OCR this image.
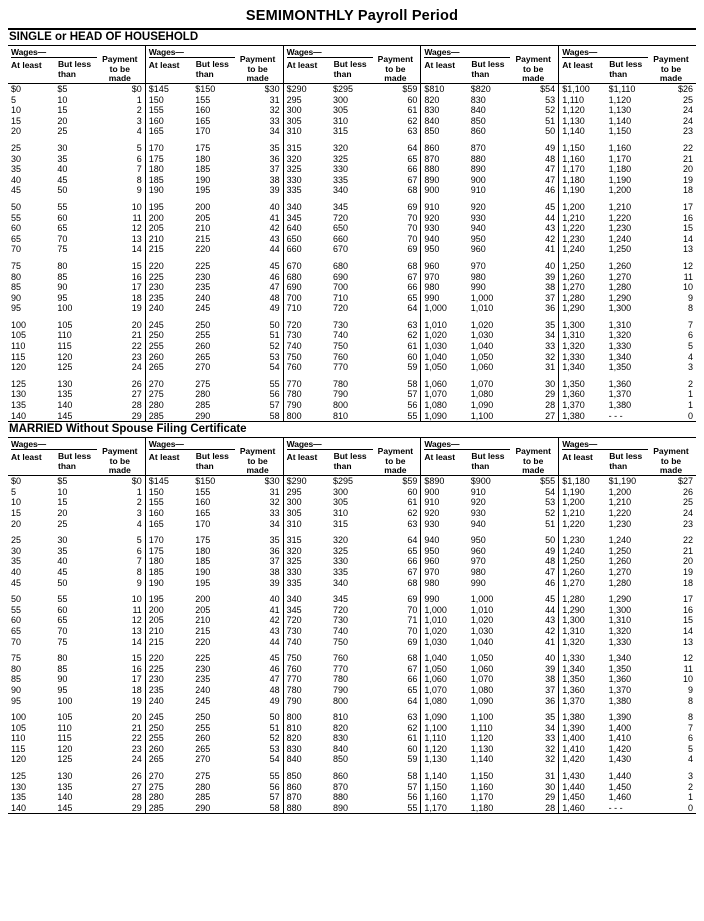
SEMIMONTHLY Payroll Period
SINGLE or HEAD OF HOUSEHOLD
Wages—
At least But less
than
Payment
to be
made
$0	$5	$0
5	10	1
10	15	2
15	20	3
20	25	4

25	30	5
30	35	6
35	40	7
40	45	8
45	50	9

50	55	10
55	60	11
60	65	12
65	70	13
70	75	14

75	80	15
80	85	16
85	90	17
90	95	18
95	100	19

100	105	20
105	110	21
110	115	22
115	120	23
120	125	24

125	130	26
130	135	27
135	140	28
140	145	29
Wages—
At least But less
than
Payment
to be
made
$145	$150	$30
150	155	31
155	160	32
160	165	33
165	170	34

170	175	35
175	180	36
180	185	37
185	190	38
190	195	39

195	200	40
200	205	41
205	210	42
210	215	43
215	220	44

220	225	45
225	230	46
230	235	47
235	240	48
240	245	49

245	250	50
250	255	51
255	260	52
260	265	53
265	270	54

270	275	55
275	280	56
280	285	57
285	290	58
Wages—
At least But less
than
Payment
to be
made
$290	$295	$59
295	300	60
300	305	61
305	310	62
310	315	63

315	320	64
320	325	65
325	330	66
330	335	67
335	340	68

340	345	69
345	720	70
640	650	70
650	660	70
660	670	69

670	680	68
680	690	67
690	700	66
700	710	65
710	720	64

720	730	63
730	740	62
740	750	61
750	760	60
760	770	59

770	780	58
780	790	57
790	800	56
800	810	55
Wages—
At least But less
than
Payment
to be
made
$810	$820	$54
820	830	53
830	840	52
840	850	51
850	860	50

860	870	49
870	880	48
880	890	47
890	900	47
900	910	46

910	920	45
920	930	44
930	940	43
940	950	42
950	960	41

960	970	40
970	980	39
980	990	38
990	1,000	37
1,000	1,010	36

1,010	1,020	35
1,020	1,030	34
1,030	1,040	33
1,040	1,050	32
1,050	1,060	31

1,060	1,070	30
1,070	1,080	29
1,080	1,090	28
1,090	1,100	27
Wages—
At least But less
than
Payment
to be
made
$1,100	$1,110	$26
1,110	1,120	25
1,120	1,130	24
1,130	1,140	24
1,140	1,150	23

1,150	1,160	22
1,160	1,170	21
1,170	1,180	20
1,180	1,190	19
1,190	1,200	18

1,200	1,210	17
1,210	1,220	16
1,220	1,230	15
1,230	1,240	14
1,240	1,250	13

1,250	1,260	12
1,260	1,270	11
1,270	1,280	10
1,280	1,290	9
1,290	1,300	8

1,300	1,310	7
1,310	1,320	6
1,320	1,330	5
1,330	1,340	4
1,340	1,350	3

1,350	1,360	2
1,360	1,370	1
1,370	1,380	1
1,380	- - -	0
MARRIED Without Spouse Filing Certificate
Wages—
At least But less
than
Payment
to be
made
$0	$5	$0
5	10	1
10	15	2
15	20	3
20	25	4

25	30	5
30	35	6
35	40	7
40	45	8
45	50	9

50	55	10
55	60	11
60	65	12
65	70	13
70	75	14

75	80	15
80	85	16
85	90	17
90	95	18
95	100	19

100	105	20
105	110	21
110	115	22
115	120	23
120	125	24

125	130	26
130	135	27
135	140	28
140	145	29
Wages—
At least But less
than
Payment
to be
made
$145	$150	$30
150	155	31
155	160	32
160	165	33
165	170	34

170	175	35
175	180	36
180	185	37
185	190	38
190	195	39

195	200	40
200	205	41
205	210	42
210	215	43
215	220	44

220	225	45
225	230	46
230	235	47
235	240	48
240	245	49

245	250	50
250	255	51
255	260	52
260	265	53
265	270	54

270	275	55
275	280	56
280	285	57
285	290	58
Wages—
At least But less
than
Payment
to be
made
$290	$295	$59
295	300	60
300	305	61
305	310	62
310	315	63

315	320	64
320	325	65
325	330	66
330	335	67
335	340	68

340	345	69
345	720	70
720	730	71
730	740	70
740	750	69

750	760	68
760	770	67
770	780	66
780	790	65
790	800	64

800	810	63
810	820	62
820	830	61
830	840	60
840	850	59

850	860	58
860	870	57
870	880	56
880	890	55
Wages—
At least But less
than
Payment
to be
made
$890	$900	$55
900	910	54
910	920	53
920	930	52
930	940	51

940	950	50
950	960	49
960	970	48
970	980	47
980	990	46

990	1,000	45
1,000	1,010	44
1,010	1,020	43
1,020	1,030	42
1,030	1,040	41

1,040	1,050	40
1,050	1,060	39
1,060	1,070	38
1,070	1,080	37
1,080	1,090	36

1,090	1,100	35
1,100	1,110	34
1,110	1,120	33
1,120	1,130	32
1,130	1,140	32

1,140	1,150	31
1,150	1,160	30
1,160	1,170	29
1,170	1,180	28
Wages—
At least But less
than
Payment
to be
made
$1,180	$1,190	$27
1,190	1,200	26
1,200	1,210	25
1,210	1,220	24
1,220	1,230	23

1,230	1,240	22
1,240	1,250	21
1,250	1,260	20
1,260	1,270	19
1,270	1,280	18

1,280	1,290	17
1,290	1,300	16
1,300	1,310	15
1,310	1,320	14
1,320	1,330	13

1,330	1,340	12
1,340	1,350	11
1,350	1,360	10
1,360	1,370	9
1,370	1,380	8

1,380	1,390	8
1,390	1,400	7
1,400	1,410	6
1,410	1,420	5
1,420	1,430	4

1,430	1,440	3
1,440	1,450	2
1,450	1,460	1
1,460	- - -	0
